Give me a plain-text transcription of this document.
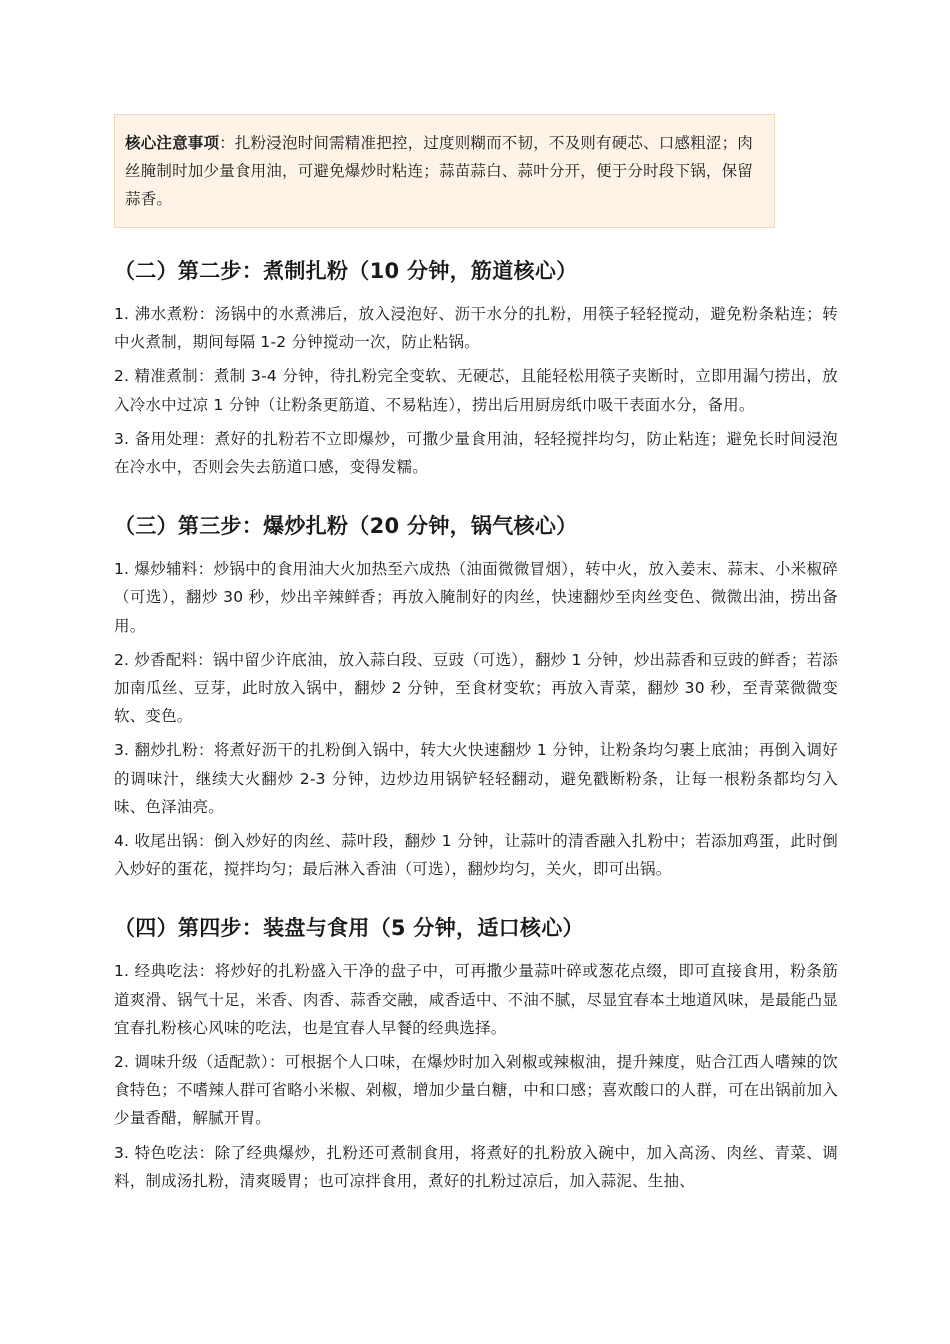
核心注意事项：扎粉浸泡时间需精准把控，过度则糊而不韧，不及则有硬芯、口感粗涩；肉丝腌制时加少量食用油，可避免爆炒时粘连；蒜苗蒜白、蒜叶分开，便于分时段下锅，保留蒜香。
（二）第二步：煮制扎粉（10 分钟，筋道核心）

1. 沸水煮粉：汤锅中的水煮沸后，放入浸泡好、沥干水分的扎粉，用筷子轻轻搅动，避免粉条粘连；转中火煮制，期间每隔 1-2 分钟搅动一次，防止粘锅。

2. 精准煮制：煮制 3-4 分钟，待扎粉完全变软、无硬芯，且能轻松用筷子夹断时，立即用漏勺捞出，放入冷水中过凉 1 分钟（让粉条更筋道、不易粘连），捞出后用厨房纸巾吸干表面水分，备用。

3. 备用处理：煮好的扎粉若不立即爆炒，可撒少量食用油，轻轻搅拌均匀，防止粘连；避免长时间浸泡在冷水中，否则会失去筋道口感，变得发糯。

（三）第三步：爆炒扎粉（20 分钟，锅气核心）

1. 爆炒辅料：炒锅中的食用油大火加热至六成热（油面微微冒烟），转中火，放入姜末、蒜末、小米椒碎（可选），翻炒 30 秒，炒出辛辣鲜香；再放入腌制好的肉丝，快速翻炒至肉丝变色、微微出油，捞出备用。

2. 炒香配料：锅中留少许底油，放入蒜白段、豆豉（可选），翻炒 1 分钟，炒出蒜香和豆豉的鲜香；若添加南瓜丝、豆芽，此时放入锅中，翻炒 2 分钟，至食材变软；再放入青菜，翻炒 30 秒，至青菜微微变软、变色。

3. 翻炒扎粉：将煮好沥干的扎粉倒入锅中，转大火快速翻炒 1 分钟，让粉条均匀裹上底油；再倒入调好的调味汁，继续大火翻炒 2-3 分钟，边炒边用锅铲轻轻翻动，避免戳断粉条，让每一根粉条都均匀入味、色泽油亮。

4. 收尾出锅：倒入炒好的肉丝、蒜叶段，翻炒 1 分钟，让蒜叶的清香融入扎粉中；若添加鸡蛋，此时倒入炒好的蛋花，搅拌均匀；最后淋入香油（可选），翻炒均匀，关火，即可出锅。

（四）第四步：装盘与食用（5 分钟，适口核心）

1. 经典吃法：将炒好的扎粉盛入干净的盘子中，可再撒少量蒜叶碎或葱花点缀，即可直接食用，粉条筋道爽滑、锅气十足，米香、肉香、蒜香交融，咸香适中、不油不腻，尽显宜春本土地道风味，是最能凸显宜春扎粉核心风味的吃法，也是宜春人早餐的经典选择。

2. 调味升级（适配款）：可根据个人口味，在爆炒时加入剁椒或辣椒油，提升辣度，贴合江西人嗜辣的饮食特色；不嗜辣人群可省略小米椒、剁椒，增加少量白糖，中和口感；喜欢酸口的人群，可在出锅前加入少量香醋，解腻开胃。

3. 特色吃法：除了经典爆炒，扎粉还可煮制食用，将煮好的扎粉放入碗中，加入高汤、肉丝、青菜、调料，制成汤扎粉，清爽暖胃；也可凉拌食用，煮好的扎粉过凉后，加入蒜泥、生抽、
